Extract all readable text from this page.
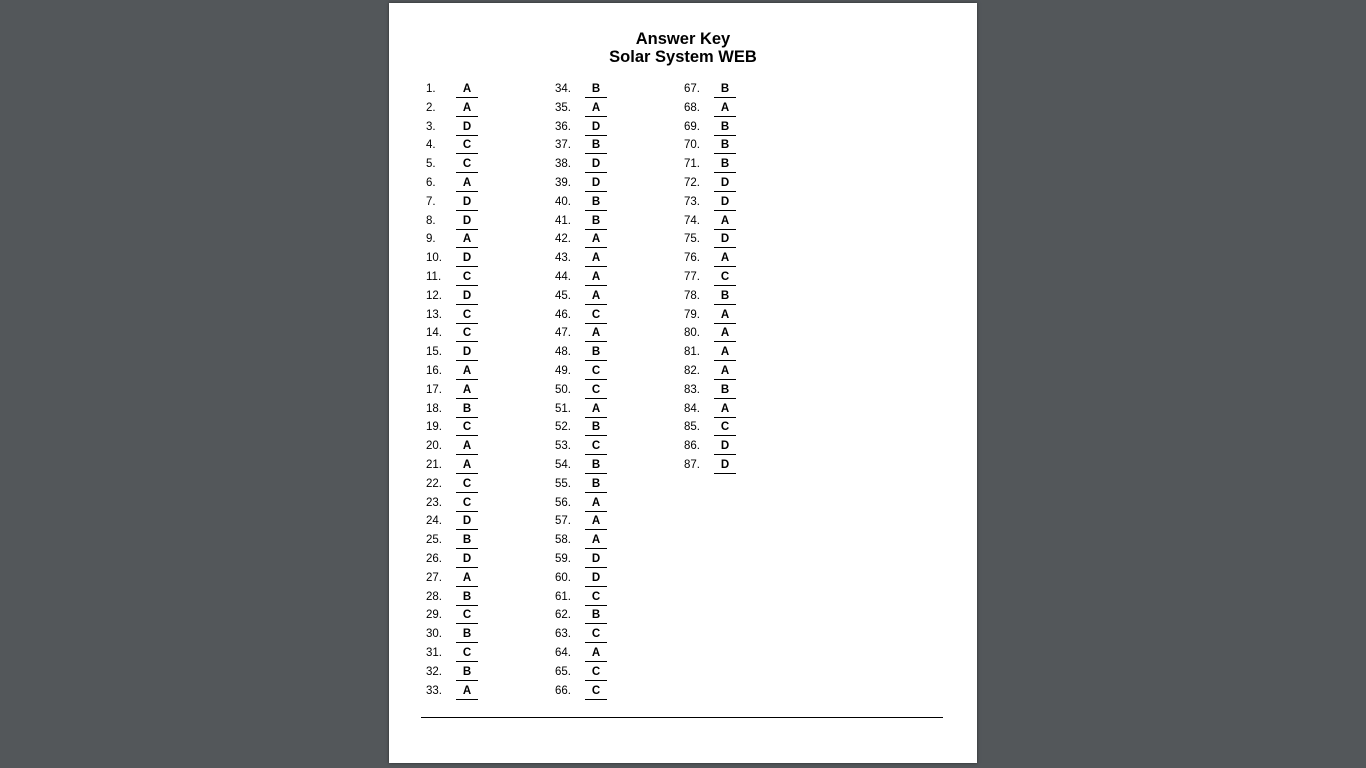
Answer Key
Solar System WEB
1.	A
2.	A
3.	D
4.	C
5.	C
6.	A
7.	D
8.	D
9.	A
10.	D
11.	C
12.	D
13.	C
14.	C
15.	D
16.	A
17.	A
18.	B
19.	C
20.	A
21.	A
22.	C
23.	C
24.	D
25.	B
26.	D
27.	A
28.	B
29.	C
30.	B
31.	C
32.	B
33.	A
34.	B
35.	A
36.	D
37.	B
38.	D
39.	D
40.	B
41.	B
42.	A
43.	A
44.	A
45.	A
46.	C
47.	A
48.	B
49.	C
50.	C
51.	A
52.	B
53.	C
54.	B
55.	B
56.	A
57.	A
58.	A
59.	D
60.	D
61.	C
62.	B
63.	C
64.	A
65.	C
66.	C
67.	B
68.	A
69.	B
70.	B
71.	B
72.	D
73.	D
74.	A
75.	D
76.	A
77.	C
78.	B
79.	A
80.	A
81.	A
82.	A
83.	B
84.	A
85.	C
86.	D
87.	D
